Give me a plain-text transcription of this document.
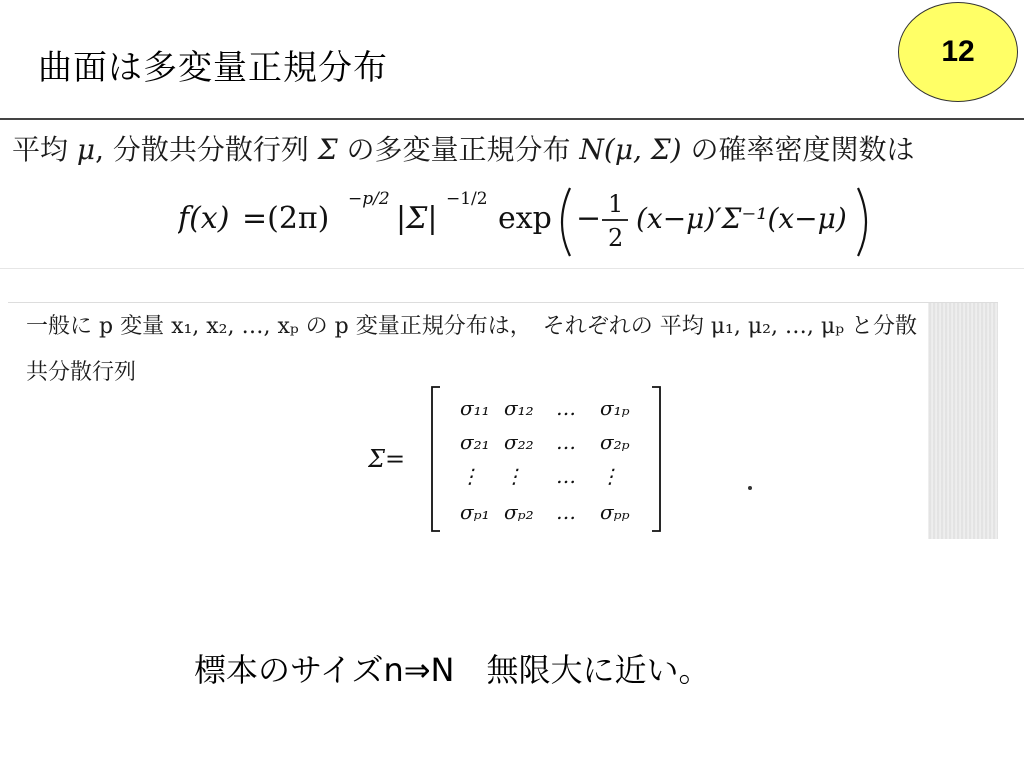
曲面は多変量正規分布	12
平均 μ, 分散共分散行列 Σ の多変量正規分布 N(μ, Σ) の確率密度関数は
f(x) =(2π)
−p/2
|Σ|
−1/2
exp − 1
2
(x−μ)′Σ⁻¹(x−μ)
一般に p 変量 x₁, x₂, …, xₚ の p 変量正規分布は，　それぞれの 平均 μ₁, μ₂, …, μₚ と分散
共分散行列
Σ=
σ₁₁ σ₁₂ … σ₁ₚ
σ₂₁ σ₂₂ … σ₂ₚ
⋮ ⋮ … ⋮
σₚ₁ σₚ₂ … σₚₚ
標本のサイズn⇒N　無限大に近い。
